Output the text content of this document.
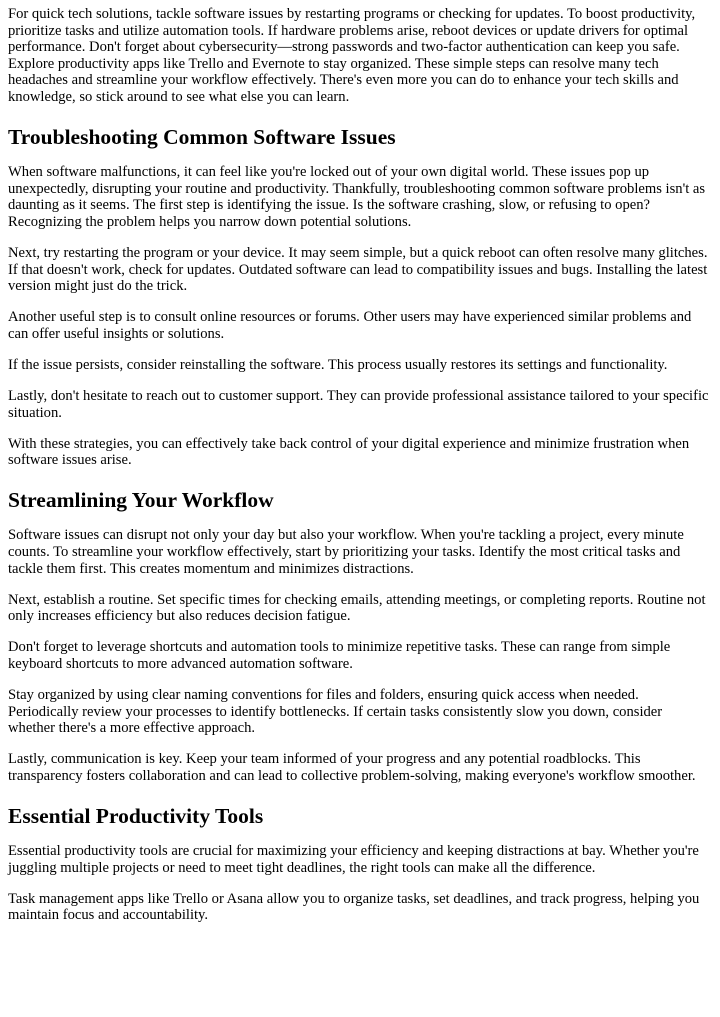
For quick tech solutions, tackle software issues by restarting programs or checking for updates. To boost productivity, prioritize tasks and utilize automation tools. If hardware problems arise, reboot devices or update drivers for optimal performance. Don't forget about cybersecurity—strong passwords and two-factor authentication can keep you safe. Explore productivity apps like Trello and Evernote to stay organized. These simple steps can resolve many tech headaches and streamline your workflow effectively. There's even more you can do to enhance your tech skills and knowledge, so stick around to see what else you can learn.

Troubleshooting Common Software Issues

When software malfunctions, it can feel like you're locked out of your own digital world. These issues pop up unexpectedly, disrupting your routine and productivity. Thankfully, troubleshooting common software problems isn't as daunting as it seems. The first step is identifying the issue. Is the software crashing, slow, or refusing to open? Recognizing the problem helps you narrow down potential solutions.

Next, try restarting the program or your device. It may seem simple, but a quick reboot can often resolve many glitches. If that doesn't work, check for updates. Outdated software can lead to compatibility issues and bugs. Installing the latest version might just do the trick.

Another useful step is to consult online resources or forums. Other users may have experienced similar problems and can offer useful insights or solutions.

If the issue persists, consider reinstalling the software. This process usually restores its settings and functionality.

Lastly, don't hesitate to reach out to customer support. They can provide professional assistance tailored to your specific situation.

With these strategies, you can effectively take back control of your digital experience and minimize frustration when software issues arise.

Streamlining Your Workflow

Software issues can disrupt not only your day but also your workflow. When you're tackling a project, every minute counts. To streamline your workflow effectively, start by prioritizing your tasks. Identify the most critical tasks and tackle them first. This creates momentum and minimizes distractions.

Next, establish a routine. Set specific times for checking emails, attending meetings, or completing reports. Routine not only increases efficiency but also reduces decision fatigue.

Don't forget to leverage shortcuts and automation tools to minimize repetitive tasks. These can range from simple keyboard shortcuts to more advanced automation software.

Stay organized by using clear naming conventions for files and folders, ensuring quick access when needed. Periodically review your processes to identify bottlenecks. If certain tasks consistently slow you down, consider whether there's a more effective approach.

Lastly, communication is key. Keep your team informed of your progress and any potential roadblocks. This transparency fosters collaboration and can lead to collective problem-solving, making everyone's workflow smoother.

Essential Productivity Tools

Essential productivity tools are crucial for maximizing your efficiency and keeping distractions at bay. Whether you're juggling multiple projects or need to meet tight deadlines, the right tools can make all the difference.

Task management apps like Trello or Asana allow you to organize tasks, set deadlines, and track progress, helping you maintain focus and accountability.
